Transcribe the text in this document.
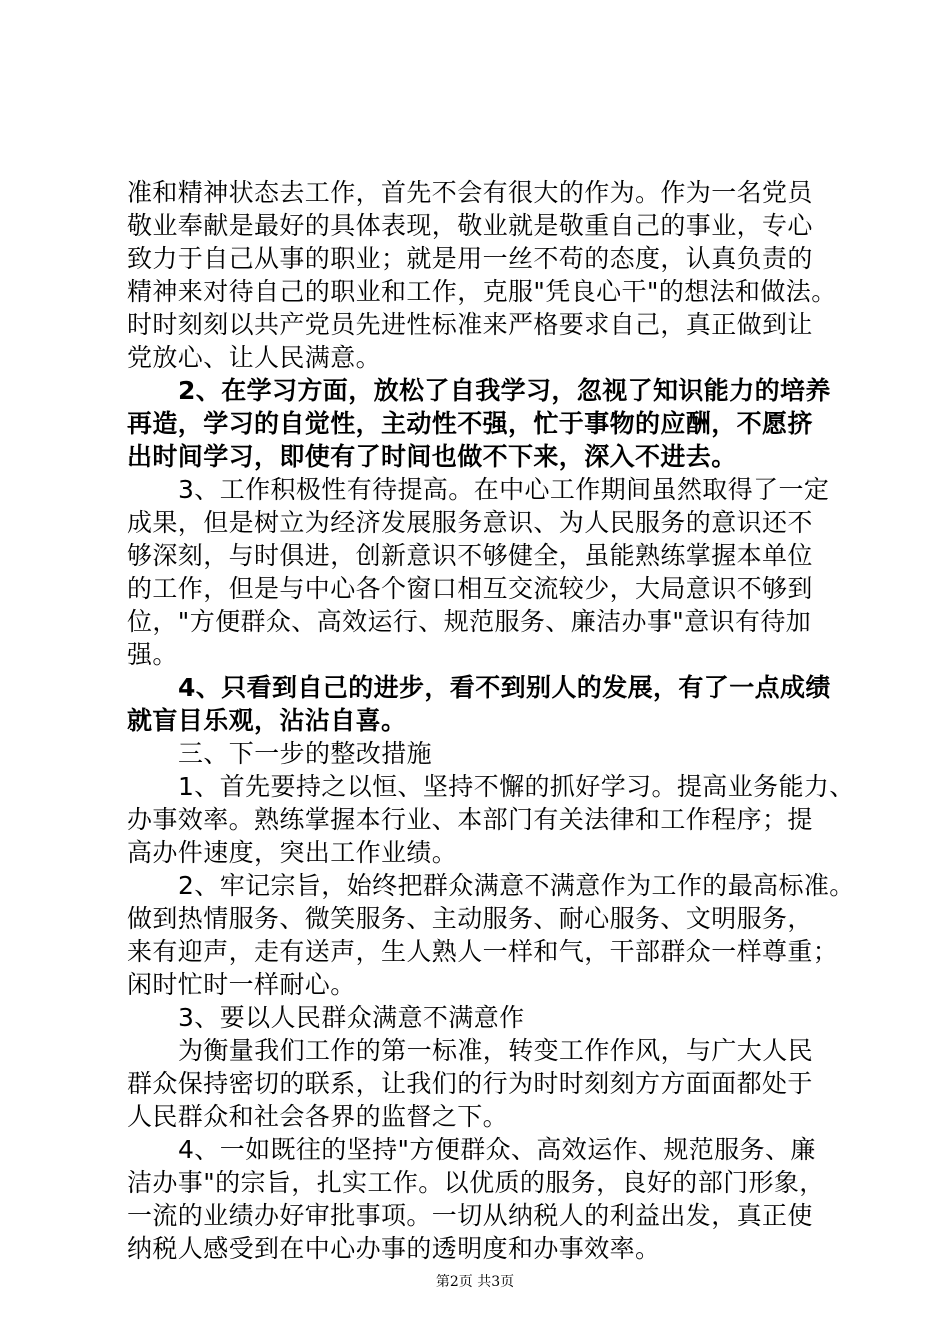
准和精神状态去工作，首先不会有很大的作为。作为一名党员
敬业奉献是最好的具体表现，敬业就是敬重自己的事业，专心
致力于自己从事的职业；就是用一丝不苟的态度，认真负责的
精神来对待自己的职业和工作，克服"凭良心干"的想法和做法。
时时刻刻以共产党员先进性标准来严格要求自己，真正做到让
党放心、让人民满意。
2、在学习方面，放松了自我学习，忽视了知识能力的培养
再造，学习的自觉性，主动性不强，忙于事物的应酬，不愿挤
出时间学习，即使有了时间也做不下来，深入不进去。
3、工作积极性有待提高。在中心工作期间虽然取得了一定
成果，但是树立为经济发展服务意识、为人民服务的意识还不
够深刻，与时俱进，创新意识不够健全，虽能熟练掌握本单位
的工作，但是与中心各个窗口相互交流较少，大局意识不够到
位，"方便群众、高效运行、规范服务、廉洁办事"意识有待加
强。
4、只看到自己的进步，看不到别人的发展，有了一点成绩
就盲目乐观，沾沾自喜。
三、下一步的整改措施
1、首先要持之以恒、坚持不懈的抓好学习。提高业务能力、
办事效率。熟练掌握本行业、本部门有关法律和工作程序；提
高办件速度，突出工作业绩。
2、牢记宗旨，始终把群众满意不满意作为工作的最高标准。
做到热情服务、微笑服务、主动服务、耐心服务、文明服务，
来有迎声，走有送声，生人熟人一样和气，干部群众一样尊重；
闲时忙时一样耐心。
3、要以人民群众满意不满意作
为衡量我们工作的第一标准，转变工作作风，与广大人民
群众保持密切的联系，让我们的行为时时刻刻方方面面都处于
人民群众和社会各界的监督之下。
4、一如既往的坚持"方便群众、高效运作、规范服务、廉
洁办事"的宗旨，扎实工作。以优质的服务，良好的部门形象，
一流的业绩办好审批事项。一切从纳税人的利益出发，真正使
纳税人感受到在中心办事的透明度和办事效率。
第2页 共3页
